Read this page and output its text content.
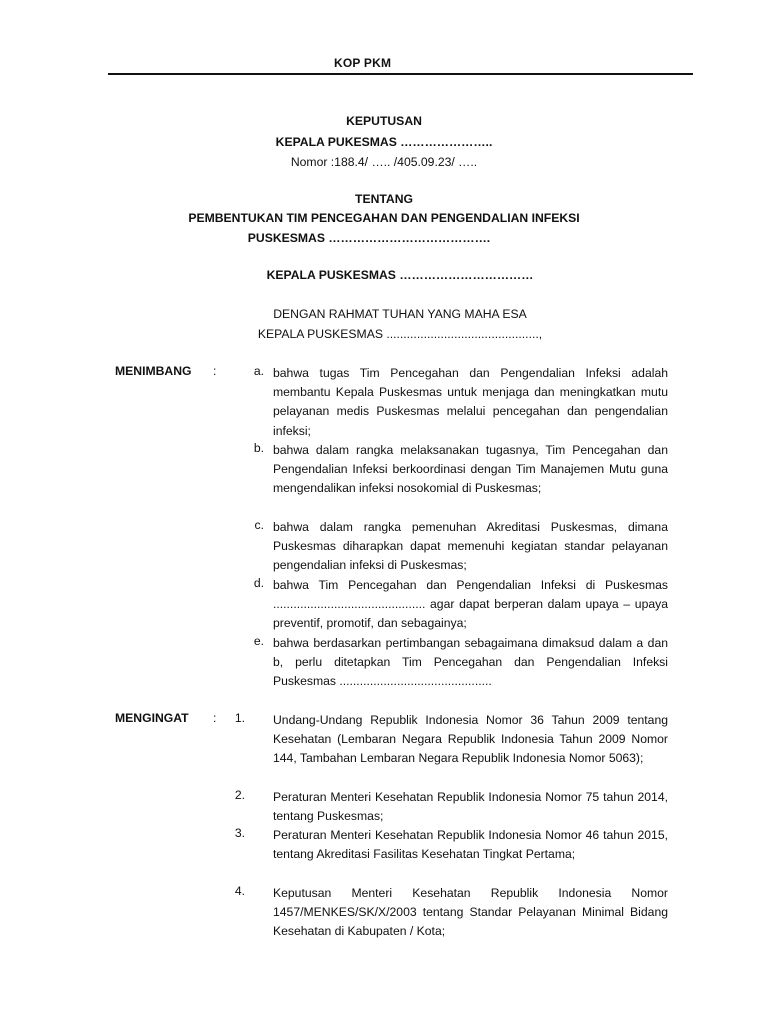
KOP PKM
KEPUTUSAN
KEPALA PUKESMAS …………………..
Nomor :188.4/ ….. /405.09.23/ …..
TENTANG
PEMBENTUKAN TIM PENCEGAHAN DAN PENGENDALIAN INFEKSI
PUSKESMAS ………………………………….
KEPALA PUSKESMAS ……………………………
DENGAN RAHMAT TUHAN YANG MAHA ESA
KEPALA PUSKESMAS .............................................,
MENIMBANG :	a. bahwa tugas Tim Pencegahan dan Pengendalian Infeksi adalah membantu Kepala Puskesmas untuk menjaga dan meningkatkan mutu pelayanan medis Puskesmas melalui pencegahan dan pengendalian infeksi;
b. bahwa dalam rangka melaksanakan tugasnya, Tim Pencegahan dan Pengendalian Infeksi berkoordinasi dengan Tim Manajemen Mutu guna mengendalikan infeksi nosokomial di Puskesmas;
c. bahwa dalam rangka pemenuhan Akreditasi Puskesmas, dimana Puskesmas diharapkan dapat memenuhi kegiatan standar pelayanan pengendalian infeksi di Puskesmas;
d. bahwa Tim Pencegahan dan Pengendalian Infeksi di Puskesmas ............................................. agar dapat berperan dalam upaya – upaya preventif, promotif, dan sebagainya;
e. bahwa berdasarkan pertimbangan sebagaimana dimaksud dalam a dan b, perlu ditetapkan Tim Pencegahan dan Pengendalian Infeksi Puskesmas .............................................
MENGINGAT :	1. Undang-Undang Republik Indonesia Nomor 36 Tahun 2009 tentang Kesehatan (Lembaran Negara Republik Indonesia Tahun 2009 Nomor 144, Tambahan Lembaran Negara Republik Indonesia Nomor 5063);
2. Peraturan Menteri Kesehatan Republik Indonesia Nomor 75 tahun 2014, tentang Puskesmas;
3. Peraturan Menteri Kesehatan Republik Indonesia Nomor 46 tahun 2015, tentang Akreditasi Fasilitas Kesehatan Tingkat Pertama;
4. Keputusan Menteri Kesehatan Republik Indonesia Nomor 1457/MENKES/SK/X/2003 tentang Standar Pelayanan Minimal Bidang Kesehatan di Kabupaten / Kota;
